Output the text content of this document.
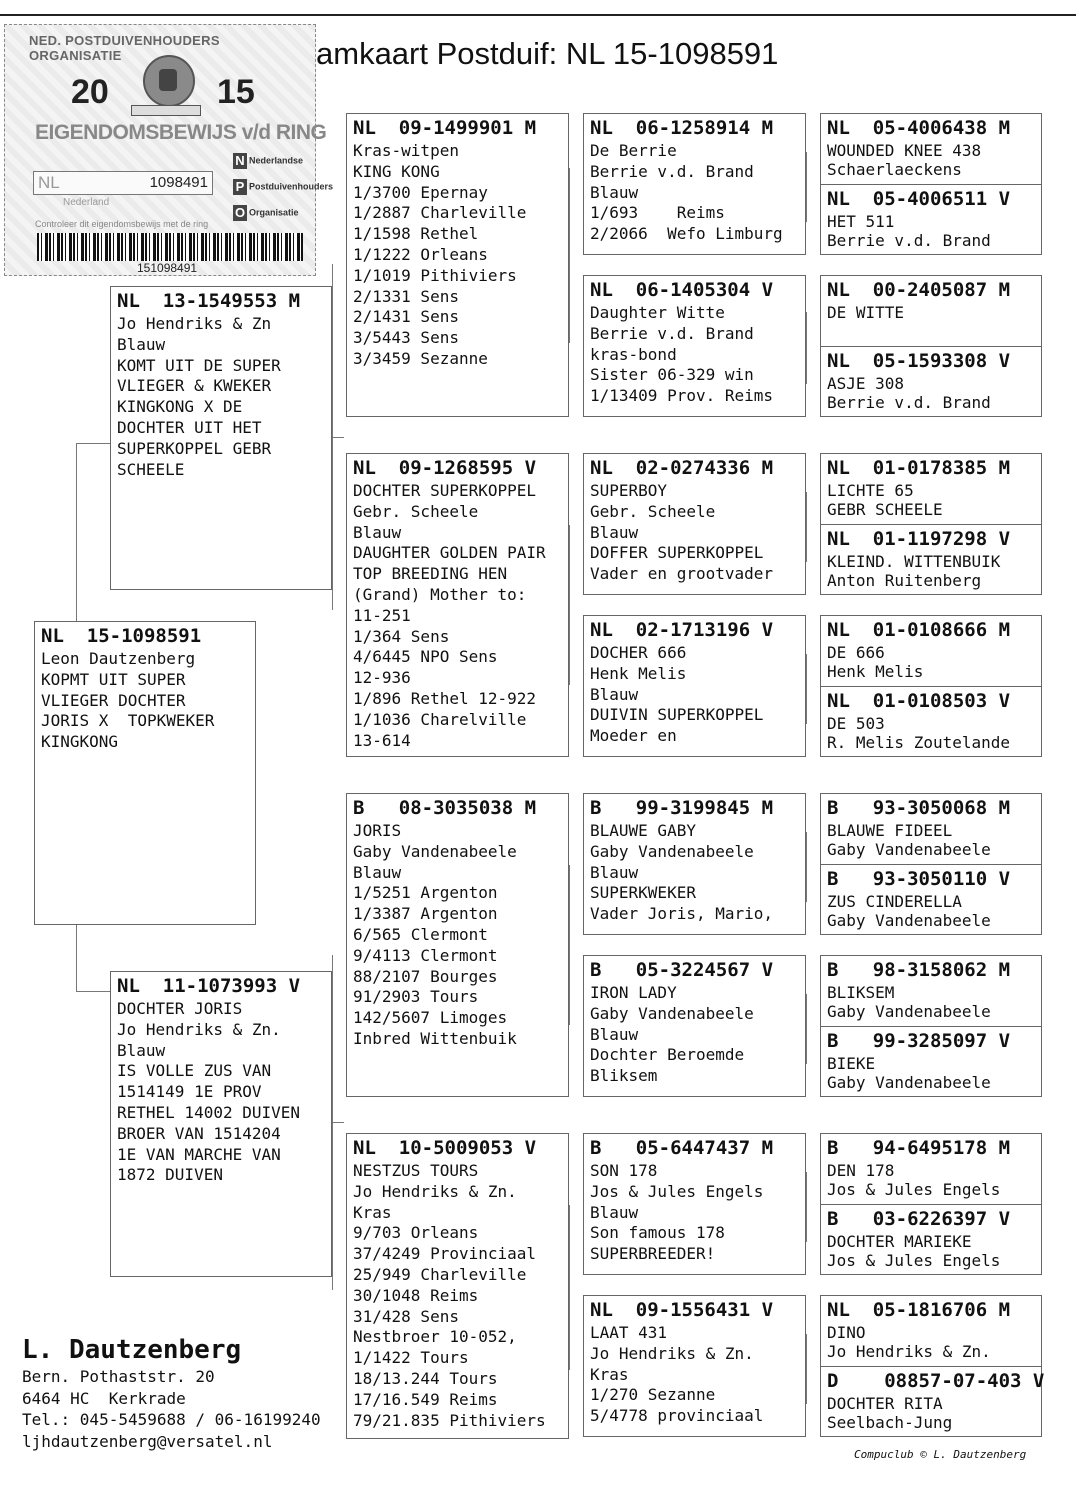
amkaart Postduif: NL 15-1098591
NED. POSTDUIVENHOUDERS ORGANISATIE
20	15
EIGENDOMSBEWIJS v/d RING
NL	1098491
Nederland
N Nederlandse
P Postduivenhouders
O Organisatie
Controleer dit eigendomsbewijs met de ring
151098491
NL  15-1098591
Leon Dautzenberg
KOPMT UIT SUPER
VLIEGER DOCHTER
JORIS X  TOPKWEKER
KINGKONG
NL  13-1549553 M
Jo Hendriks & Zn
Blauw
KOMT UIT DE SUPER
VLIEGER & KWEKER
KINGKONG X DE
DOCHTER UIT HET
SUPERKOPPEL GEBR
SCHEELE
NL  11-1073993 V
DOCHTER JORIS
Jo Hendriks & Zn.
Blauw
IS VOLLE ZUS VAN
1514149 1E PROV
RETHEL 14002 DUIVEN
BROER VAN 1514204
1E VAN MARCHE VAN
1872 DUIVEN
NL  09-1499901 M
Kras-witpen
KING KONG
1/3700 Epernay
1/2887 Charleville
1/1598 Rethel
1/1222 Orleans
1/1019 Pithiviers
2/1331 Sens
2/1431 Sens
3/5443 Sens
3/3459 Sezanne
NL  09-1268595 V
DOCHTER SUPERKOPPEL
Gebr. Scheele
Blauw
DAUGHTER GOLDEN PAIR
TOP BREEDING HEN
(Grand) Mother to:
11-251
1/364 Sens
4/6445 NPO Sens
12-936
1/896 Rethel 12-922
1/1036 Charelville
13-614
B   08-3035038 M
JORIS
Gaby Vandenabeele
Blauw
1/5251 Argenton
1/3387 Argenton
6/565 Clermont
9/4113 Clermont
88/2107 Bourges
91/2903 Tours
142/5607 Limoges
Inbred Wittenbuik
NL  10-5009053 V
NESTZUS TOURS
Jo Hendriks & Zn.
Kras
9/703 Orleans
37/4249 Provinciaal
25/949 Charleville
30/1048 Reims
31/428 Sens
Nestbroer 10-052,
1/1422 Tours
18/13.244 Tours
17/16.549 Reims
79/21.835 Pithiviers
NL  06-1258914 M
De Berrie
Berrie v.d. Brand
Blauw
1/693    Reims
2/2066  Wefo Limburg
NL  06-1405304 V
Daughter Witte
Berrie v.d. Brand
kras-bond
Sister 06-329 win
1/13409 Prov. Reims
NL  02-0274336 M
SUPERBOY
Gebr. Scheele
Blauw
DOFFER SUPERKOPPEL
Vader en grootvader
NL  02-1713196 V
DOCHER 666
Henk Melis
Blauw
DUIVIN SUPERKOPPEL
Moeder en
B   99-3199845 M
BLAUWE GABY
Gaby Vandenabeele
Blauw
SUPERKWEKER
Vader Joris, Mario,
B   05-3224567 V
IRON LADY
Gaby Vandenabeele
Blauw
Dochter Beroemde
Bliksem
B   05-6447437 M
SON 178
Jos & Jules Engels
Blauw
Son famous 178
SUPERBREEDER!
NL  09-1556431 V
LAAT 431
Jo Hendriks & Zn.
Kras
1/270 Sezanne
5/4778 provinciaal
NL  05-4006438 M
WOUNDED KNEE 438
Schaerlaeckens
NL  05-4006511 V
HET 511
Berrie v.d. Brand
NL  00-2405087 M
DE WITTE
NL  05-1593308 V
ASJE 308
Berrie v.d. Brand
NL  01-0178385 M
LICHTE 65
GEBR SCHEELE
NL  01-1197298 V
KLEIND. WITTENBUIK
Anton Ruitenberg
NL  01-0108666 M
DE 666
Henk Melis
NL  01-0108503 V
DE 503
R. Melis Zoutelande
B   93-3050068 M
BLAUWE FIDEEL
Gaby Vandenabeele
B   93-3050110 V
ZUS CINDERELLA
Gaby Vandenabeele
B   98-3158062 M
BLIKSEM
Gaby Vandenabeele
B   99-3285097 V
BIEKE
Gaby Vandenabeele
B   94-6495178 M
DEN 178
Jos & Jules Engels
B   03-6226397 V
DOCHTER MARIEKE
Jos & Jules Engels
NL  05-1816706 M
DINO
Jo Hendriks & Zn.
D    08857-07-403 V
DOCHTER RITA
Seelbach-Jung
L. Dautzenberg
Bern. Pothaststr. 20
6464 HC  Kerkrade
Tel.: 045-5459688 / 06-16199240
ljhdautzenberg@versatel.nl
Compuclub © L. Dautzenberg
